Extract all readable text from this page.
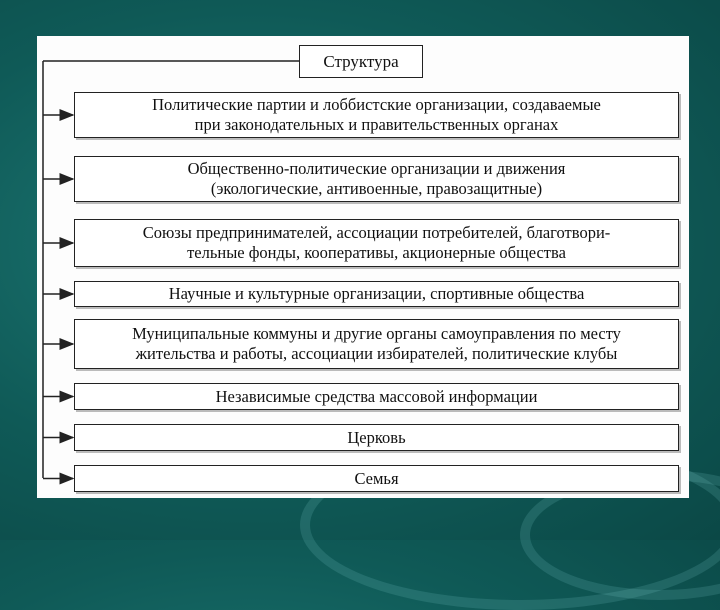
Структура
Политические партии и лоббистские организации, создаваемые
при законодательных и правительственных органах
Общественно-политические организации и движения
(экологические, антивоенные, правозащитные)
Союзы предпринимателей, ассоциации потребителей, благотвори-
тельные фонды, кооперативы, акционерные общества
Научные и культурные организации, спортивные общества
Муниципальные коммуны и другие органы самоуправления по месту
жительства и работы, ассоциации избирателей, политические клубы
Независимые средства массовой информации
Церковь
Семья
